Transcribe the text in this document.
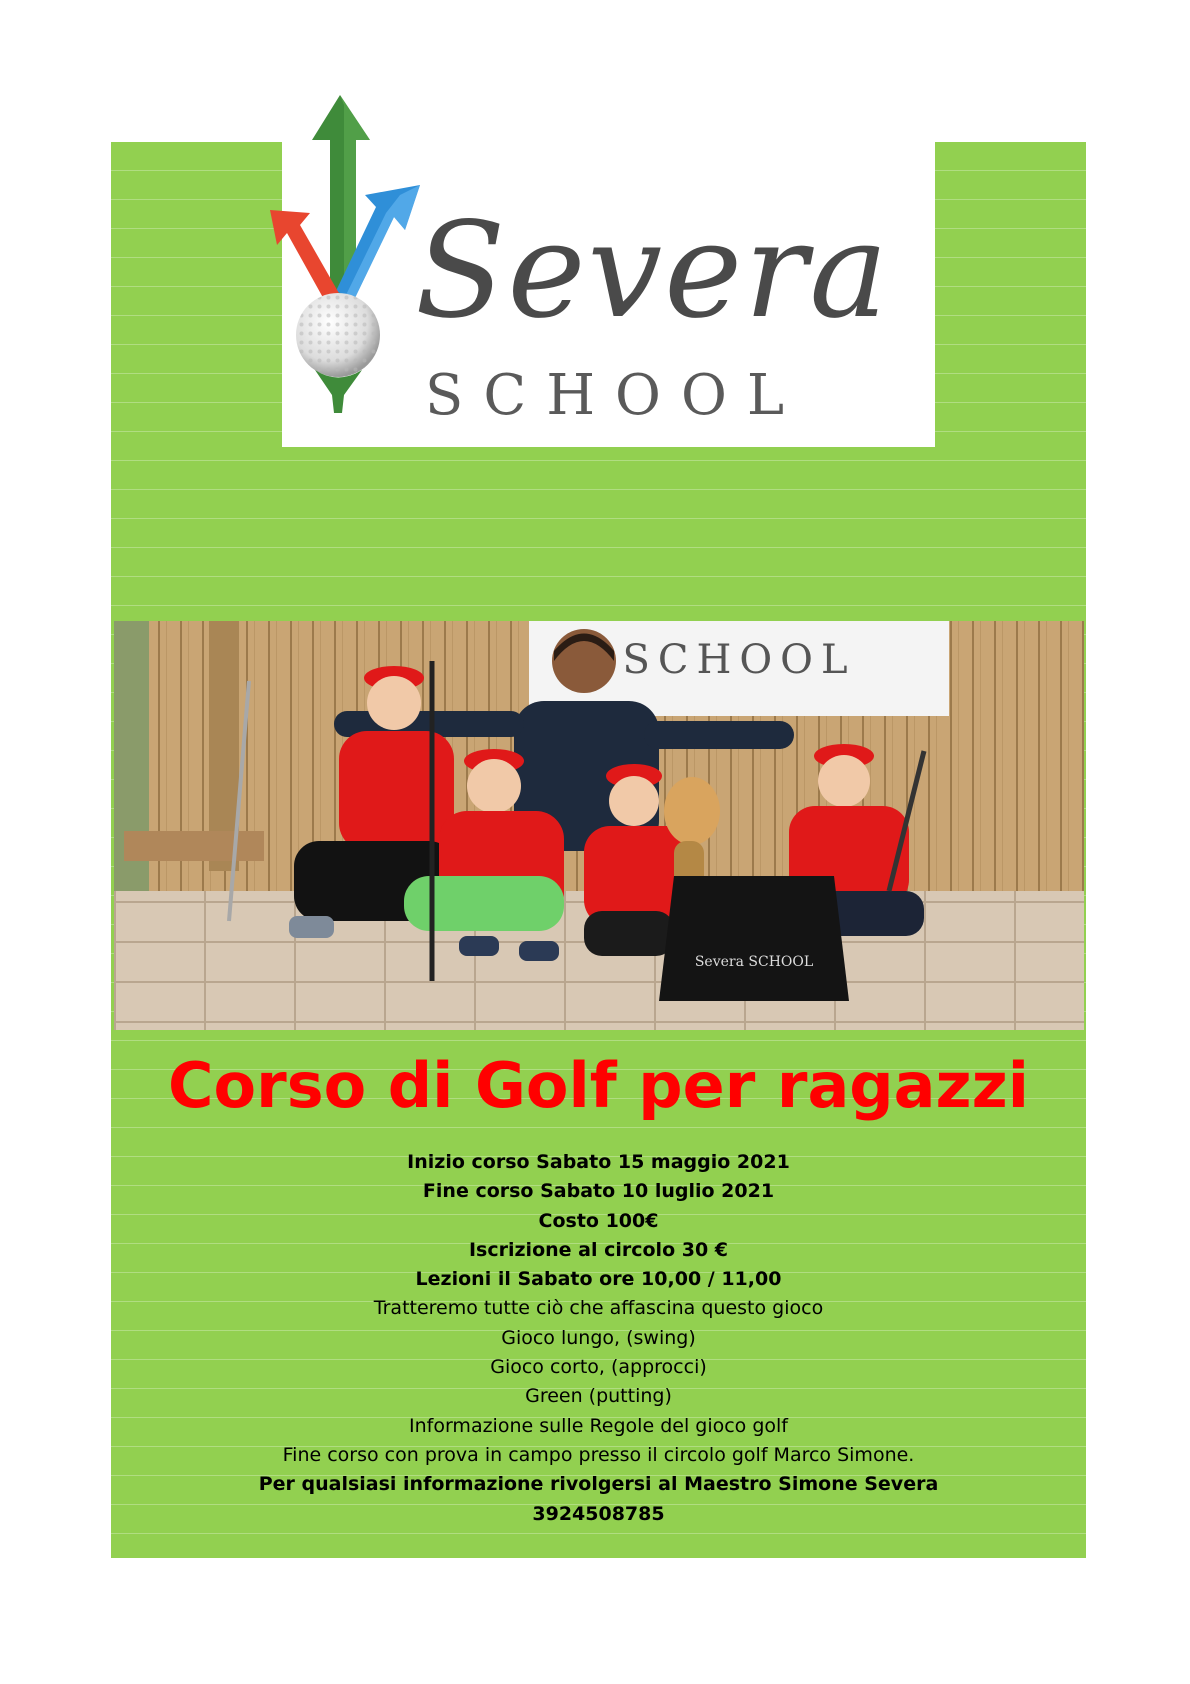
Severa
SCHOOL
SCHOOL
Severa SCHOOL
Corso di Golf per ragazzi
Inizio corso Sabato 15 maggio 2021
Fine corso Sabato 10 luglio 2021
Costo 100€
Iscrizione al circolo 30 €
Lezioni il Sabato ore 10,00 / 11,00
Tratteremo tutte ciò che affascina questo gioco
Gioco lungo, (swing)
Gioco corto, (approcci)
Green (putting)
Informazione sulle Regole del gioco golf
Fine corso con prova in campo presso il circolo golf Marco Simone.
Per qualsiasi informazione rivolgersi al Maestro Simone Severa
3924508785
